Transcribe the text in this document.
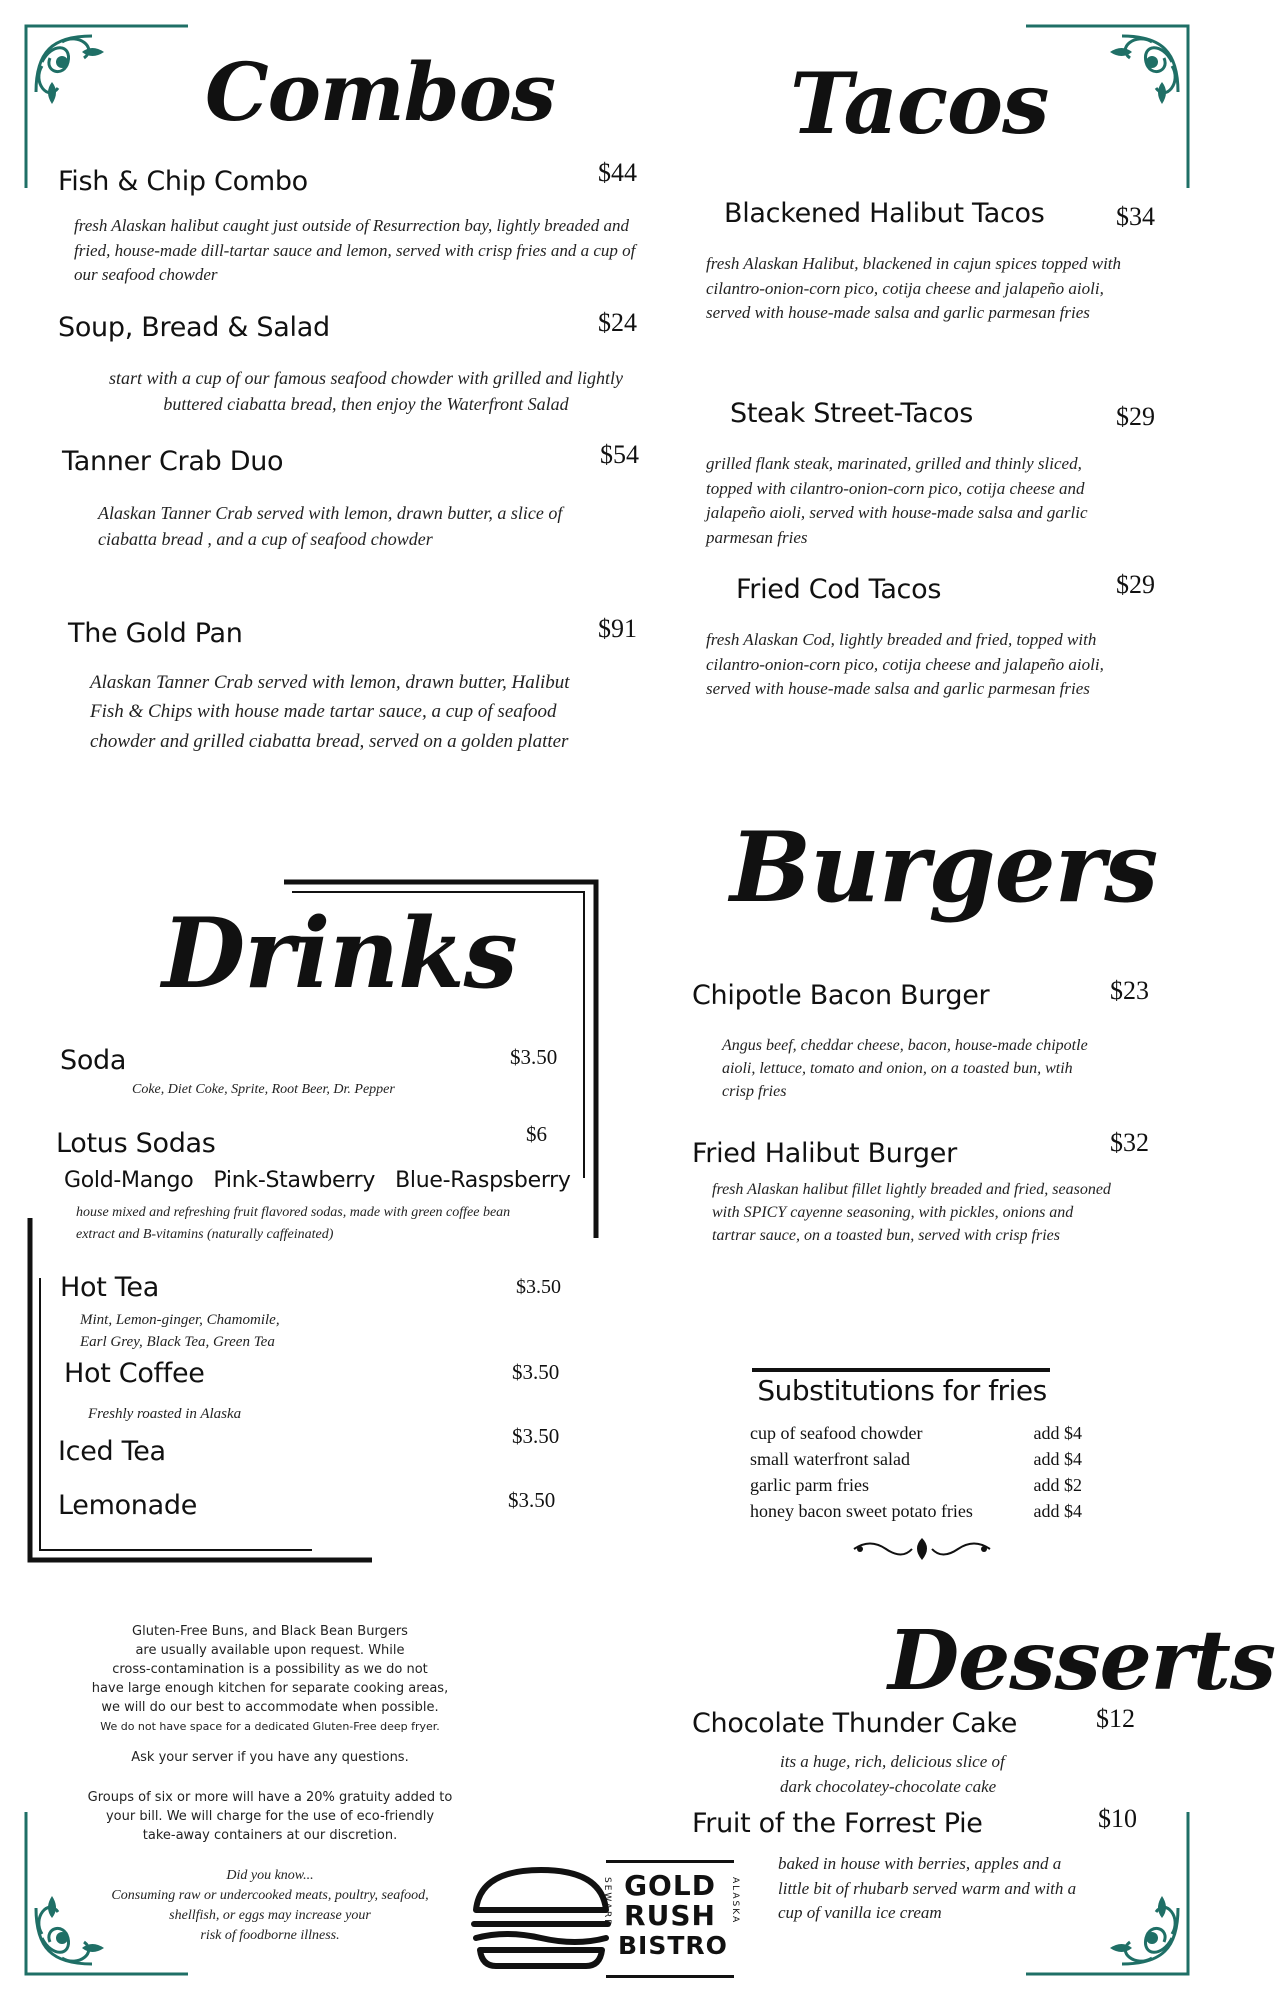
Combos
Fish & Chip Combo	$44
fresh Alaskan halibut caught just outside of Resurrection bay, lightly breaded and fried, house-made dill-tartar sauce and lemon, served with crisp fries and a cup of our seafood chowder
Soup, Bread & Salad	$24
start with a cup of our famous seafood chowder with grilled and lightly buttered ciabatta bread, then enjoy the Waterfront Salad
Tanner Crab Duo	$54
Alaskan Tanner Crab served with lemon, drawn butter, a slice of ciabatta bread , and a cup of seafood chowder
The Gold Pan	$91
Alaskan Tanner Crab served with lemon, drawn butter, Halibut Fish & Chips with house made tartar sauce, a cup of seafood chowder and grilled ciabatta bread, served on a golden platter
Tacos
Blackened Halibut Tacos	$34
fresh Alaskan Halibut, blackened in cajun spices topped with cilantro-onion-corn pico, cotija cheese and jalapeño aioli, served with house-made salsa and garlic parmesan fries
Steak Street-Tacos	$29
grilled flank steak, marinated, grilled and thinly sliced, topped with cilantro-onion-corn pico, cotija cheese and jalapeño aioli, served with house-made salsa and garlic parmesan fries
Fried Cod Tacos	$29
fresh Alaskan Cod, lightly breaded and fried, topped with cilantro-onion-corn pico, cotija cheese and jalapeño aioli, served with house-made salsa and garlic parmesan fries
Drinks
Soda	$3.50
Coke, Diet Coke, Sprite, Root Beer, Dr. Pepper
Lotus Sodas	$6
Gold-Mango   Pink-Stawberry   Blue-Raspsberry
house mixed and refreshing fruit flavored sodas, made with green coffee bean extract and B-vitamins (naturally caffeinated)
Hot Tea	$3.50
Mint, Lemon-ginger, Chamomile,
Earl Grey, Black Tea, Green Tea
Hot Coffee	$3.50
Freshly roasted in Alaska
Iced Tea	$3.50
Lemonade	$3.50
Burgers
Chipotle Bacon Burger	$23
Angus beef, cheddar cheese, bacon, house-made chipotle aioli, lettuce, tomato and onion, on a toasted bun, wtih crisp fries
Fried Halibut Burger	$32
fresh Alaskan halibut fillet lightly breaded and fried, seasoned with SPICY cayenne seasoning, with pickles, onions and tartrar sauce, on a toasted bun, served with crisp fries
Substitutions for fries
cup of seafood chowder	add $4
small waterfront salad	add $4
garlic parm fries	add $2
honey bacon sweet potato fries	add $4
Desserts
Chocolate Thunder Cake	$12
its a huge, rich, delicious slice of dark chocolatey-chocolate cake
Fruit of the Forrest Pie	$10
baked in house with berries, apples and a little bit of rhubarb served warm and with a cup of vanilla ice cream
Gluten-Free Buns, and Black Bean Burgers
are usually available upon request. While
cross-contamination is a possibility as we do not
have large enough kitchen for separate cooking areas,
we will do our best to accommodate when possible.
We do not have space for a dedicated Gluten-Free deep fryer.
Ask your server if you have any questions.
Groups of six or more will have a 20% gratuity added to
your bill. We will charge for the use of eco-friendly
take-away containers at our discretion.
Did you know...
Consuming raw or undercooked meats, poultry, seafood,
shellfish, or eggs may increase your
risk of foodborne illness.
SEWARD	ALASKA
GOLD
RUSH
BISTRO
